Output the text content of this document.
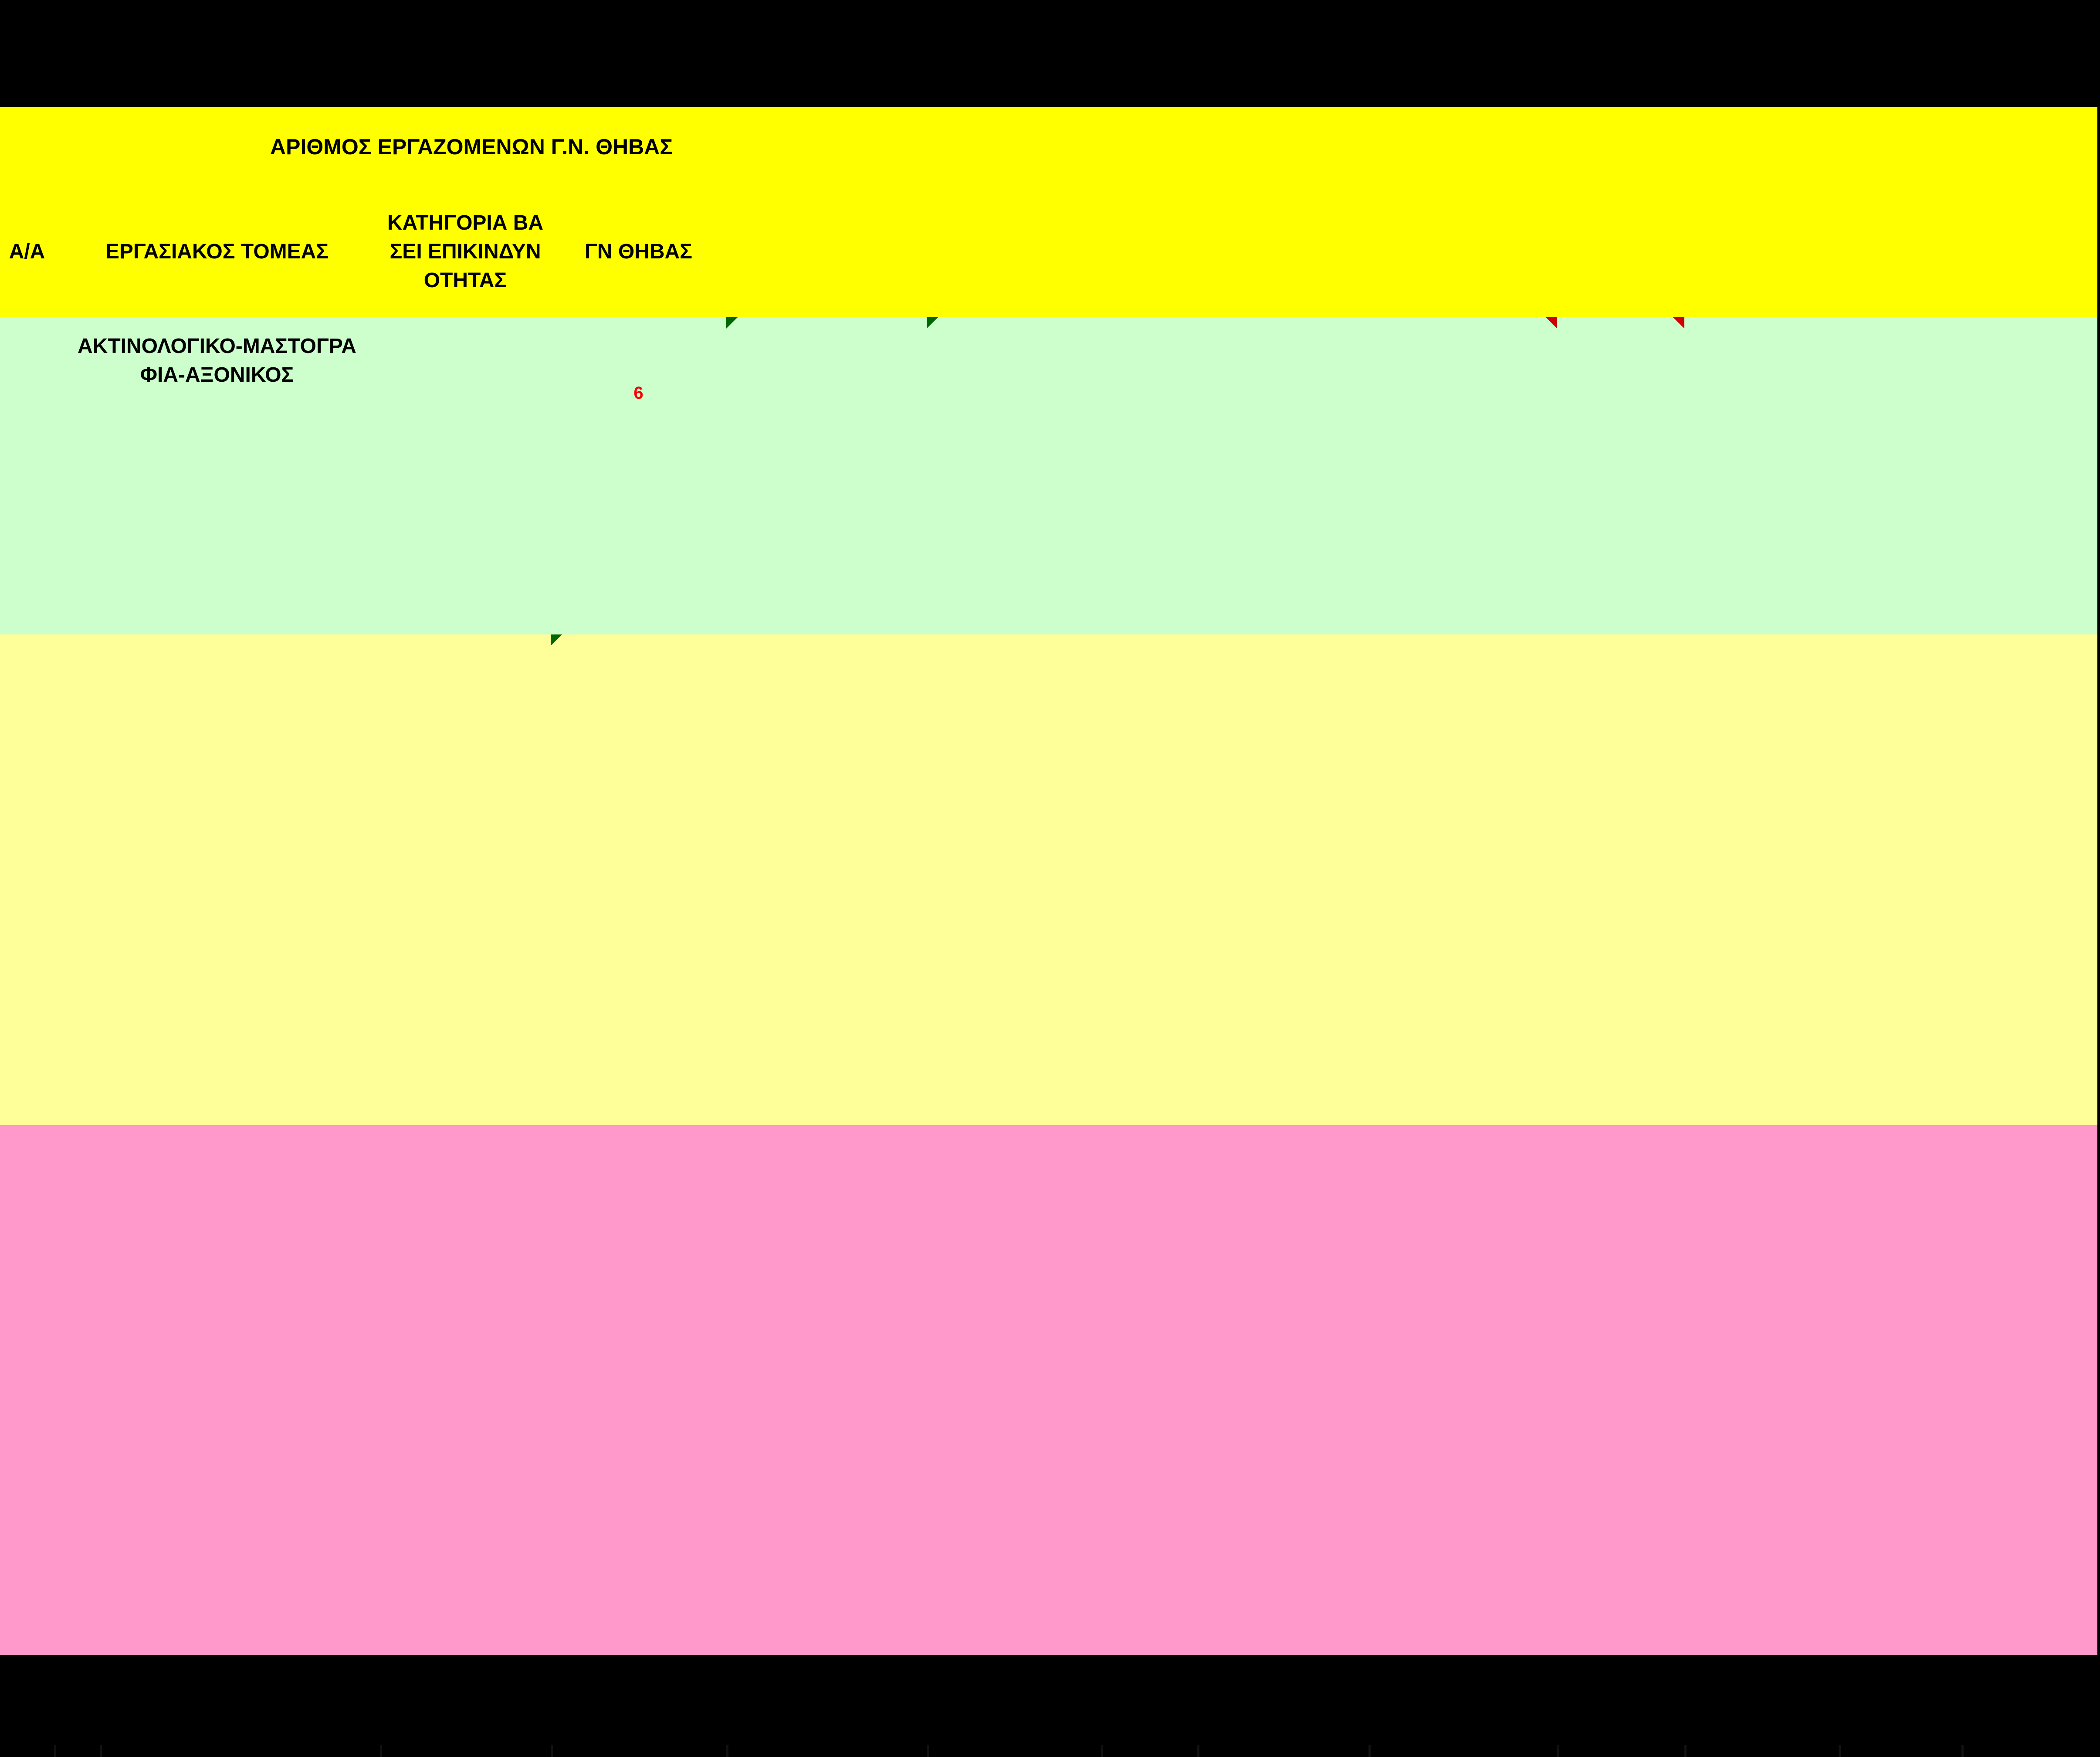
ΑΡΙΘΜΟΣ ΕΡΓΑΖΟΜΕΝΩΝ Γ.Ν. ΘΗΒΑΣ
Α/Α	ΕΡΓΑΣΙΑΚΟΣ ΤΟΜΕΑΣ
ΚΑΤΗΓΟΡΙΑ ΒΑΣΕΙ ΕΠΙΚΙΝΔΥΝΟΤΗΤΑΣ
ΓΝ ΘΗΒΑΣ
ΑΚΤΙΝΟΛΟΓΙΚΟ-ΜΑΣΤΟΓΡΑΦΙΑ-ΑΞΟΝΙΚΟΣ
6
